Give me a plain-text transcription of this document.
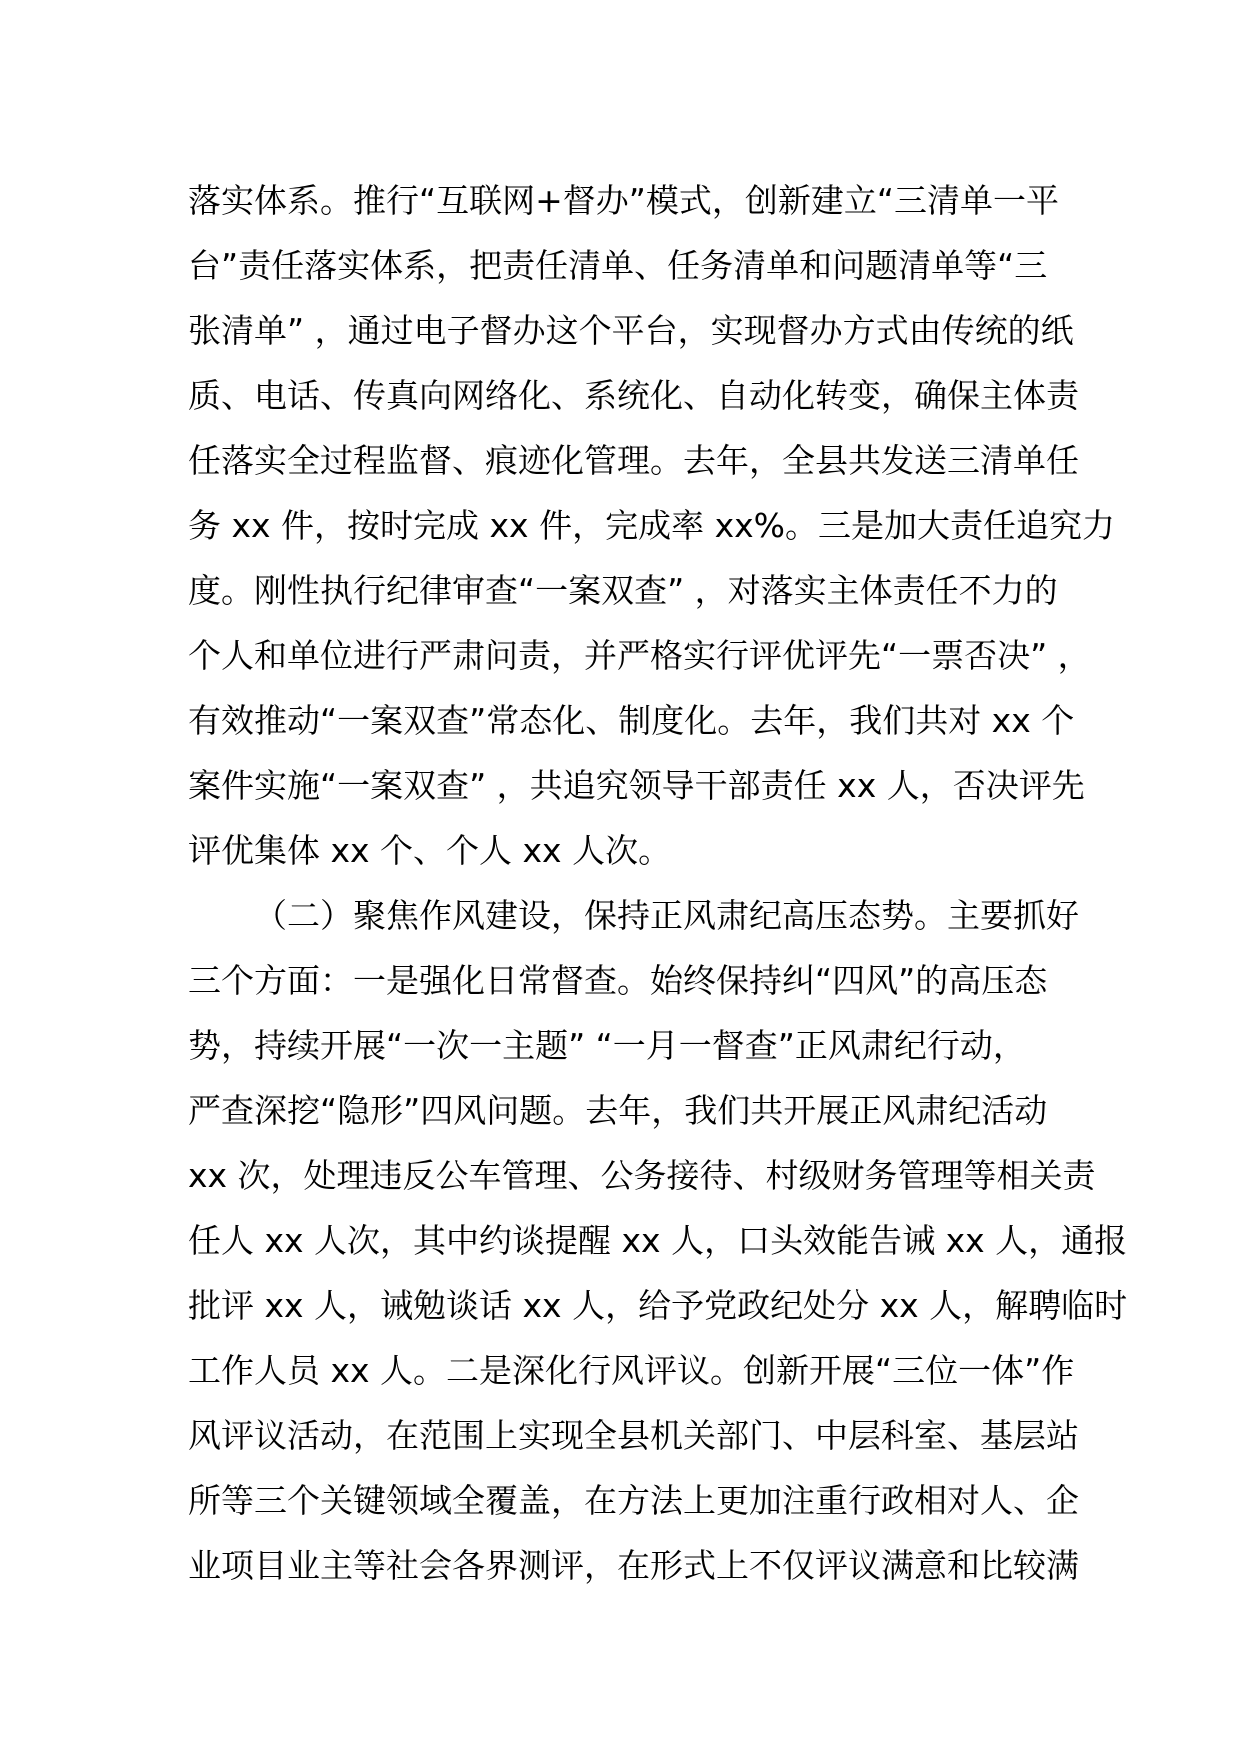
落实体系。推行“互联网+督办”模式，创新建立“三清单一平
台”责任落实体系，把责任清单、任务清单和问题清单等“三
张清单” ，通过电子督办这个平台，实现督办方式由传统的纸
质、电话、传真向网络化、系统化、自动化转变，确保主体责
任落实全过程监督、痕迹化管理。去年，全县共发送三清单任
务 xx 件，按时完成 xx 件，完成率 xx%。三是加大责任追究力
度。刚性执行纪律审查“一案双查” ，对落实主体责任不力的
个人和单位进行严肃问责，并严格实行评优评先“一票否决” ，
有效推动“一案双查”常态化、制度化。去年，我们共对 xx 个
案件实施“一案双查” ，共追究领导干部责任 xx 人，否决评先
评优集体 xx 个、个人 xx 人次。
（二）聚焦作风建设，保持正风肃纪高压态势。主要抓好
三个方面：一是强化日常督查。始终保持纠“四风”的高压态
势，持续开展“一次一主题” “一月一督查”正风肃纪行动，
严查深挖“隐形”四风问题。去年，我们共开展正风肃纪活动
xx 次，处理违反公车管理、公务接待、村级财务管理等相关责
任人 xx 人次，其中约谈提醒 xx 人，口头效能告诫 xx 人，通报
批评 xx 人，诫勉谈话 xx 人，给予党政纪处分 xx 人，解聘临时
工作人员 xx 人。二是深化行风评议。创新开展“三位一体”作
风评议活动，在范围上实现全县机关部门、中层科室、基层站
所等三个关键领域全覆盖，在方法上更加注重行政相对人、企
业项目业主等社会各界测评，在形式上不仅评议满意和比较满
